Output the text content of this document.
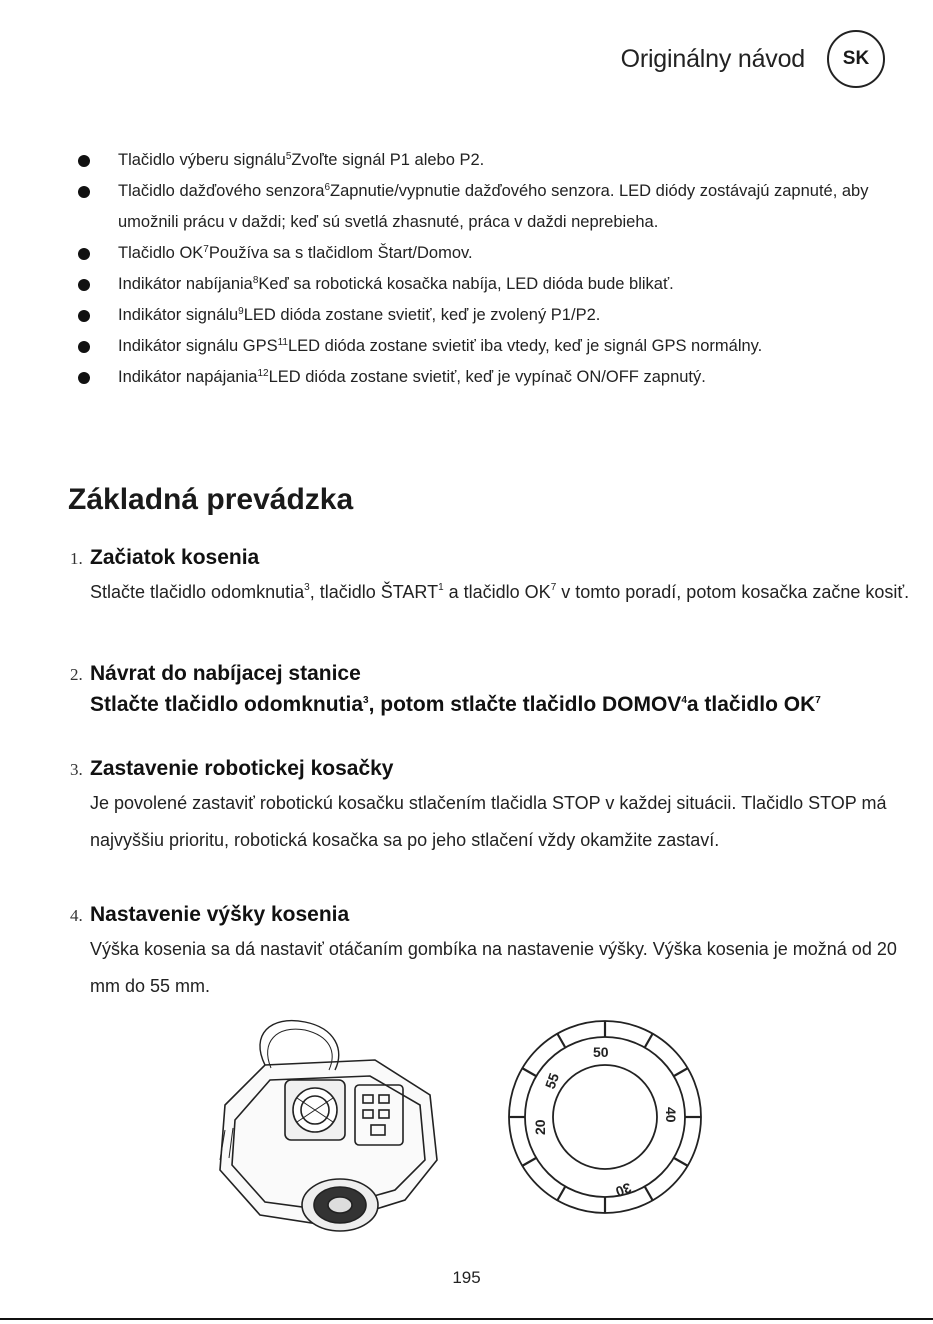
Originálny návod	SK
Tlačidlo výberu signálu$^5$Zvoľte signál P1 alebo P2.
Tlačidlo dažďového senzora$^6$Zapnutie/vypnutie dažďového senzora. LED diódy zostávajú zapnuté, aby umožnili prácu v daždi; keď sú svetlá zhasnuté, práca v daždi neprebieha.
Tlačidlo $OK^7Používa$ sa s tlačidlom Štart/Domov.
Indikátor nabíjania$^8$Keď sa robotická kosačka nabíja, LED dióda bude blikať.
Indikátor signálu$^9$LED dióda zostane svietiť, keď je zvolený P1/P2.
Indikátor signálu GPS$^{11}$LED dióda zostane svietiť iba vtedy, keď je signál GPS normálny.
Indikátor napájania$^{12}$LED dióda zostane svietiť, keď je vypínač ON/OFF zapnutý.
Základná prevádzka
1. Začiatok kosenia

Stlačte tlačidlo odomknutia$^3$, tlačidlo ŠTART$^1$ a tlačidlo $OK^7$ v tomto poradí, potom kosačka začne kosiť.

2. Návrat do nabíjacej stanice

Stlačte tlačidlo odomknutia$^3$, potom stlačte tlačidlo DOMOV$^4$a tlačidlo $OK^7$

3. Zastavenie robotickej kosačky

Je povolené zastaviť robotickú kosačku stlačením tlačidla STOP v každej situácii. Tlačidlo STOP má najvyššiu prioritu, robotická kosačka sa po jeho stlačení vždy okamžite zastaví.

4. Nastavenie výšky kosenia

Výška kosenia sa dá nastaviť otáčaním gombíka na nastavenie výšky. Výška kosenia je možná od 20 mm do 55 mm.

50
55
20
40
30
195
